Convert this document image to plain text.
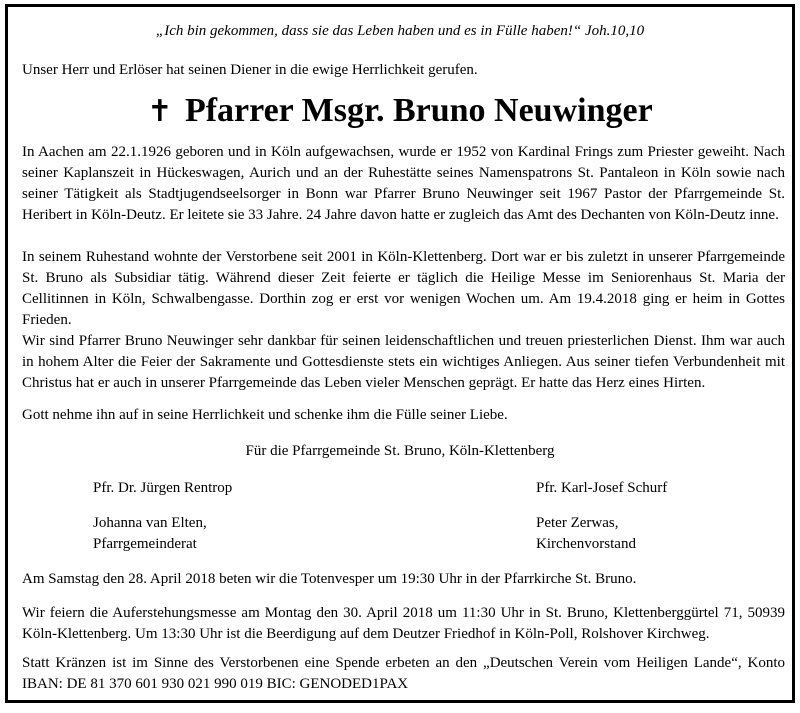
„Ich bin gekommen, dass sie das Leben haben und es in Fülle haben!“ Joh.10,10
Unser Herr und Erlöser hat seinen Diener in die ewige Herrlichkeit gerufen.
✝ Pfarrer Msgr. Bruno Neuwinger

In Aachen am 22.1.1926 geboren und in Köln aufgewachsen, wurde er 1952 von Kardinal Frings zum Priester geweiht. Nach seiner Kaplanszeit in Hückeswagen, Aurich und an der Ruhestätte seines Namenspatrons St. Pantaleon in Köln sowie nach seiner Tätigkeit als Stadtjugendseelsorger in Bonn war Pfarrer Bruno Neuwinger seit 1967 Pastor der Pfarrgemeinde St. Heribert in Köln-Deutz. Er leitete sie 33 Jahre. 24 Jahre davon hatte er zugleich das Amt des Dechanten von Köln-Deutz inne.

In seinem Ruhestand wohnte der Verstorbene seit 2001 in Köln-Klettenberg. Dort war er bis zuletzt in unserer Pfarrgemeinde St. Bruno als Subsidiar tätig. Während dieser Zeit feierte er täglich die Heilige Messe im Seniorenhaus St. Maria der Cellitinnen in Köln, Schwalbengasse. Dorthin zog er erst vor wenigen Wochen um. Am 19.4.2018 ging er heim in Gottes Frieden.

Wir sind Pfarrer Bruno Neuwinger sehr dankbar für seinen leidenschaftlichen und treuen priesterlichen Dienst. Ihm war auch in hohem Alter die Feier der Sakramente und Gottesdienste stets ein wichtiges Anliegen. Aus seiner tiefen Verbundenheit mit Christus hat er auch in unserer Pfarrgemeinde das Leben vieler Menschen geprägt. Er hatte das Herz eines Hirten.

Gott nehme ihn auf in seine Herrlichkeit und schenke ihm die Fülle seiner Liebe.

Für die Pfarrgemeinde St. Bruno, Köln-Klettenberg
Pfr. Dr. Jürgen Rentrop	Pfr. Karl-Josef Schurf
Johanna van Elten,
Pfarrgemeinderat
Peter Zerwas,
Kirchenvorstand

Am Samstag den 28. April 2018 beten wir die Totenvesper um 19:30 Uhr in der Pfarrkirche St. Bruno.

Wir feiern die Auferstehungsmesse am Montag den 30. April 2018 um 11:30 Uhr in St. Bruno, Klettenberggürtel 71, 50939 Köln-Klettenberg. Um 13:30 Uhr ist die Beerdigung auf dem Deutzer Friedhof in Köln-Poll, Rolshover Kirchweg.

Statt Kränzen ist im Sinne des Verstorbenen eine Spende erbeten an den „Deutschen Verein vom Heiligen Lande“, Konto IBAN: DE 81 370 601 930 021 990 019 BIC: GENODED1PAX
